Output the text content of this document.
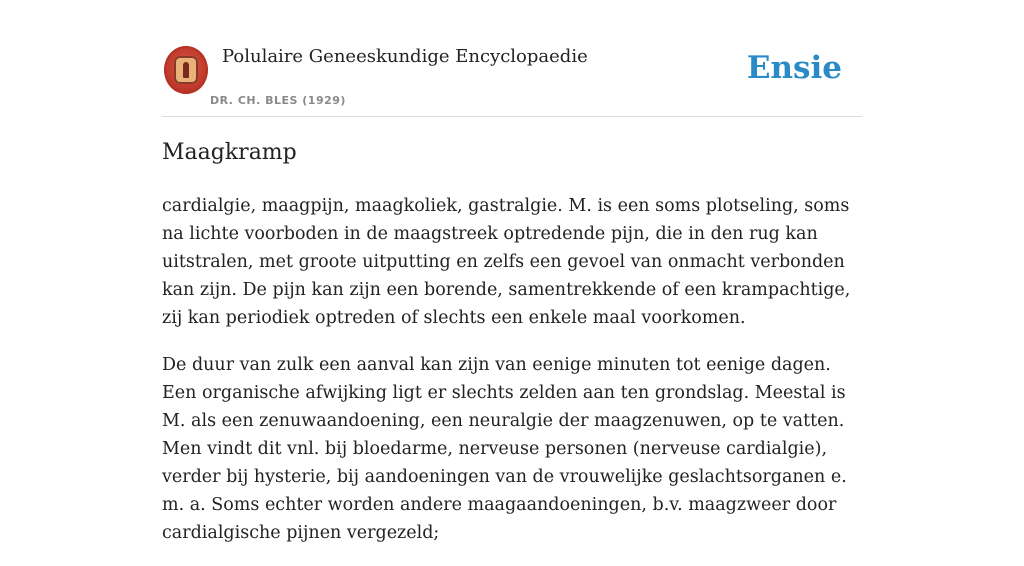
Polulaire Geneeskundige Encyclopaedie
DR. CH. BLES (1929)
Ensie
Maagkramp

cardialgie, maagpijn, maagkoliek, gastralgie. M. is een soms plotseling, soms na lichte voorboden in de maagstreek optredende pijn, die in den rug kan uitstralen, met groote uitputting en zelfs een gevoel van onmacht verbonden kan zijn. De pijn kan zijn een borende, samentrekkende of een krampachtige, zij kan periodiek optreden of slechts een enkele maal voorkomen.

De duur van zulk een aanval kan zijn van eenige minuten tot eenige dagen. Een organische afwijking ligt er slechts zelden aan ten grondslag. Meestal is M. als een zenuwaandoening, een neuralgie der maagzenuwen, op te vatten. Men vindt dit vnl. bij bloedarme, nerveuse personen (nerveuse cardialgie), verder bij hysterie, bij aandoeningen van de vrouwelijke geslachtsorganen e. m. a. Soms echter worden andere maagaandoeningen, b.v. maagzweer door cardialgische pijnen vergezeld;
